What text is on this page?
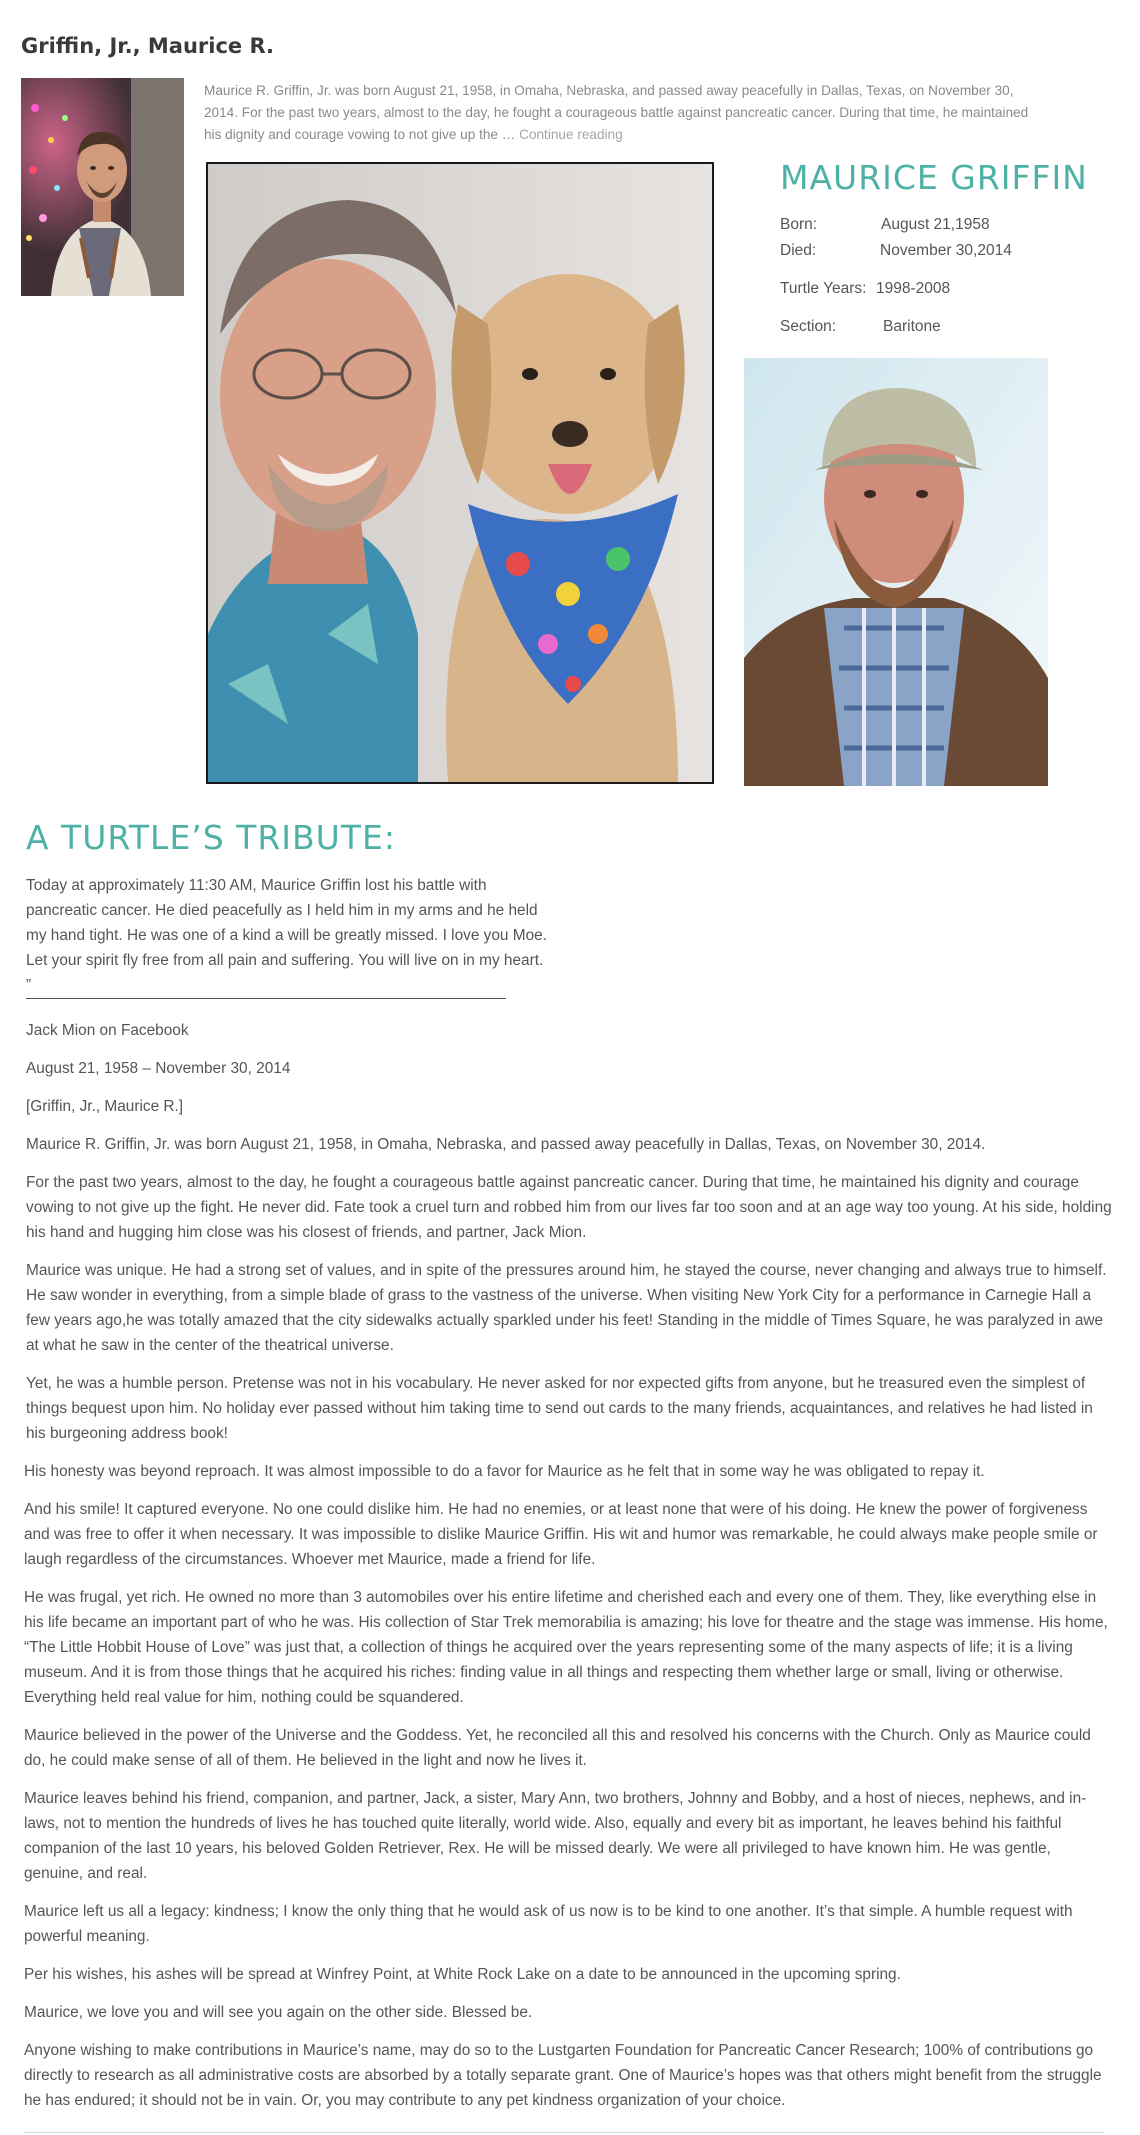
Griffin, Jr., Maurice R.

Maurice R. Griffin, Jr. was born August 21, 1958, in Omaha, Nebraska, and passed away peacefully in Dallas, Texas, on November 30, 2014. For the past two years, almost to the day, he fought a courageous battle against pancreatic cancer. During that time, he maintained his dignity and courage vowing to not give up the … Continue reading

MAURICE GRIFFIN

Born:	August 21,1958

Died:	November 30,2014

Turtle Years: 1998-2008

Section:	Baritone

A TURTLE’S TRIBUTE:
Today at approximately 11:30 AM, Maurice Griffin lost his battle with
pancreatic cancer. He died peacefully as I held him in my arms and he held
my hand tight. He was one of a kind a will be greatly missed. I love you Moe.
Let your spirit fly free from all pain and suffering. You will live on in my heart.
”

Jack Mion on Facebook

August 21, 1958 – November 30, 2014

[Griffin, Jr., Maurice R.]

Maurice R. Griffin, Jr. was born August 21, 1958, in Omaha, Nebraska, and passed away peacefully in Dallas, Texas, on November 30, 2014.

For the past two years, almost to the day, he fought a courageous battle against pancreatic cancer. During that time, he maintained his dignity and courage vowing to not give up the fight. He never did. Fate took a cruel turn and robbed him from our lives far too soon and at an age way too young. At his side, holding his hand and hugging him close was his closest of friends, and partner, Jack Mion.

Maurice was unique. He had a strong set of values, and in spite of the pressures around him, he stayed the course, never changing and always true to himself. He saw wonder in everything, from a simple blade of grass to the vastness of the universe. When visiting New York City for a performance in Carnegie Hall a few years ago,he was totally amazed that the city sidewalks actually sparkled under his feet! Standing in the middle of Times Square, he was paralyzed in awe at what he saw in the center of the theatrical universe.

Yet, he was a humble person. Pretense was not in his vocabulary. He never asked for nor expected gifts from anyone, but he treasured even the simplest of things bequest upon him. No holiday ever passed without him taking time to send out cards to the many friends, acquaintances, and relatives he had listed in his burgeoning address book!

His honesty was beyond reproach. It was almost impossible to do a favor for Maurice as he felt that in some way he was obligated to repay it.

And his smile! It captured everyone. No one could dislike him. He had no enemies, or at least none that were of his doing. He knew the power of forgiveness and was free to offer it when necessary. It was impossible to dislike Maurice Griffin. His wit and humor was remarkable, he could always make people smile or laugh regardless of the circumstances. Whoever met Maurice, made a friend for life.

He was frugal, yet rich. He owned no more than 3 automobiles over his entire lifetime and cherished each and every one of them. They, like everything else in his life became an important part of who he was. His collection of Star Trek memorabilia is amazing; his love for theatre and the stage was immense. His home, “The Little Hobbit House of Love” was just that, a collection of things he acquired over the years representing some of the many aspects of life; it is a living museum. And it is from those things that he acquired his riches: finding value in all things and respecting them whether large or small, living or otherwise. Everything held real value for him, nothing could be squandered.

Maurice believed in the power of the Universe and the Goddess. Yet, he reconciled all this and resolved his concerns with the Church. Only as Maurice could do, he could make sense of all of them. He believed in the light and now he lives it.

Maurice leaves behind his friend, companion, and partner, Jack, a sister, Mary Ann, two brothers, Johnny and Bobby, and a host of nieces, nephews, and in-laws, not to mention the hundreds of lives he has touched quite literally, world wide. Also, equally and every bit as important, he leaves behind his faithful companion of the last 10 years, his beloved Golden Retriever, Rex. He will be missed dearly. We were all privileged to have known him. He was gentle, genuine, and real.

Maurice left us all a legacy: kindness; I know the only thing that he would ask of us now is to be kind to one another. It’s that simple. A humble request with powerful meaning.

Per his wishes, his ashes will be spread at Winfrey Point, at White Rock Lake on a date to be announced in the upcoming spring.

Maurice, we love you and will see you again on the other side. Blessed be.

Anyone wishing to make contributions in Maurice’s name, may do so to the Lustgarten Foundation for Pancreatic Cancer Research; 100% of contributions go directly to research as all administrative costs are absorbed by a totally separate grant. One of Maurice’s hopes was that others might benefit from the struggle he has endured; it should not be in vain. Or, you may contribute to any pet kindness organization of your choice.
